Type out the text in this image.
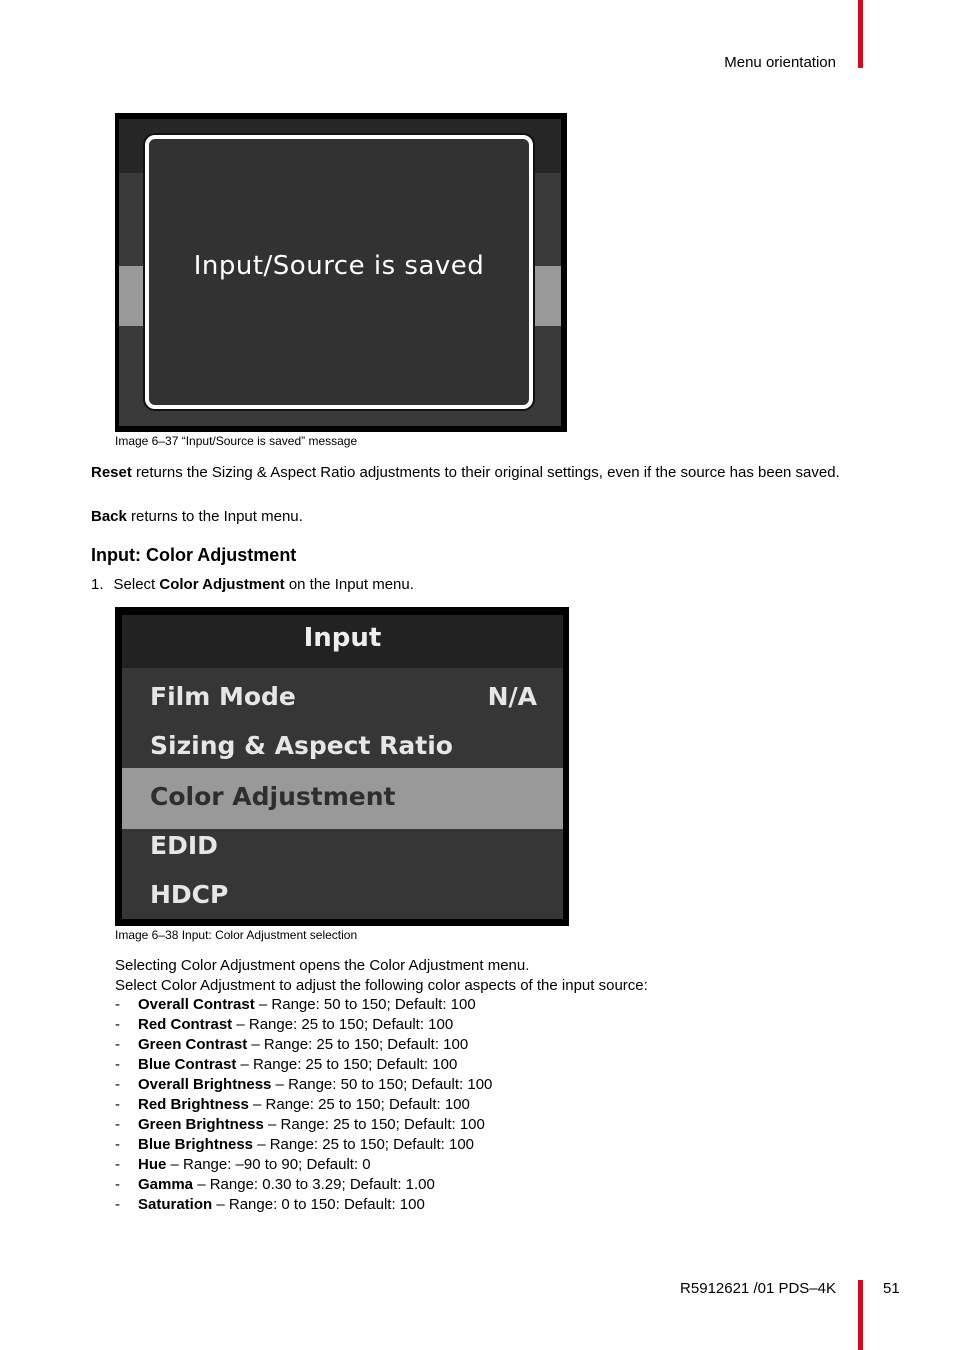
Menu orientation
Input/Source is saved
Image 6–37 “Input/Source is saved” message
Reset returns the Sizing & Aspect Ratio adjustments to their original settings, even if the source has been saved.
Back returns to the Input menu.
Input: Color Adjustment
1. Select Color Adjustment on the Input menu.
Input
Film Mode	N/A
Sizing & Aspect Ratio
Color Adjustment
EDID
HDCP
Image 6–38 Input: Color Adjustment selection
Selecting Color Adjustment opens the Color Adjustment menu.
Select Color Adjustment to adjust the following color aspects of the input source:
- Overall Contrast – Range: 50 to 150; Default: 100
- Red Contrast – Range: 25 to 150; Default: 100
- Green Contrast – Range: 25 to 150; Default: 100
- Blue Contrast – Range: 25 to 150; Default: 100
- Overall Brightness – Range: 50 to 150; Default: 100
- Red Brightness – Range: 25 to 150; Default: 100
- Green Brightness – Range: 25 to 150; Default: 100
- Blue Brightness – Range: 25 to 150; Default: 100
- Hue – Range: –90 to 90; Default: 0
- Gamma – Range: 0.30 to 3.29; Default: 1.00
- Saturation – Range: 0 to 150: Default: 100
R5912621 /01 PDS–4K	51
